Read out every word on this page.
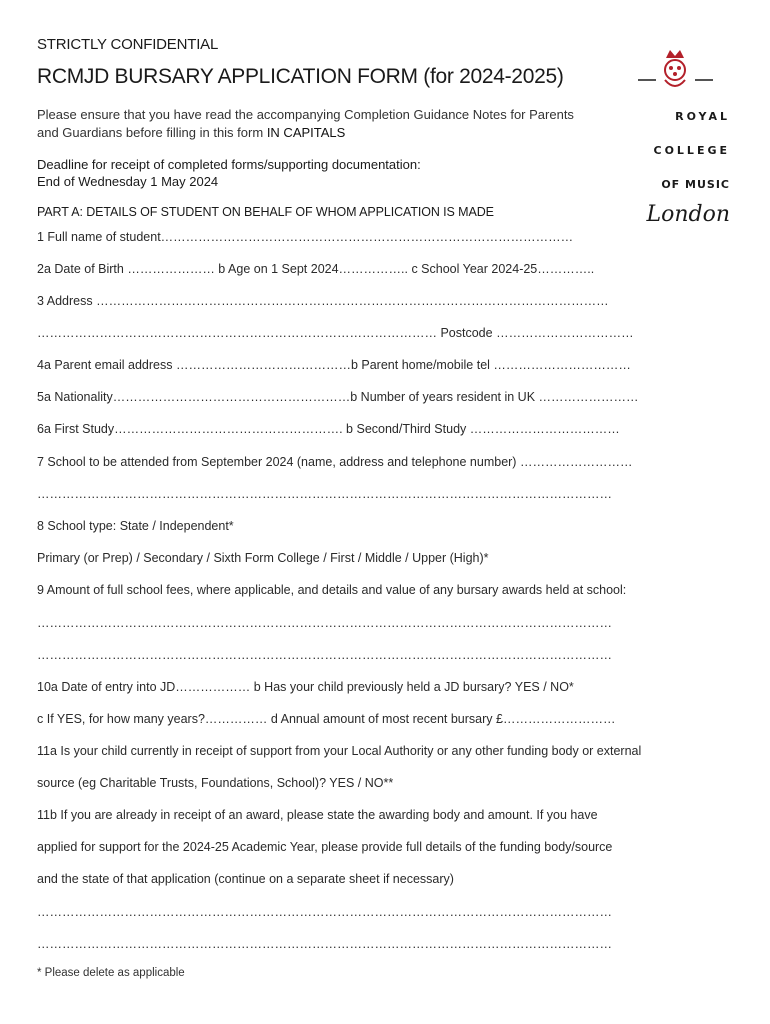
STRICTLY CONFIDENTIAL
RCMJD BURSARY APPLICATION FORM (for 2024-2025)
Please ensure that you have read the accompanying Completion Guidance Notes for Parents and Guardians before filling in this form IN CAPITALS
Deadline for receipt of completed forms/supporting documentation:
End of Wednesday 1 May 2024
ROYAL
COLLEGE
OF MUSIC
London
PART A: DETAILS OF STUDENT ON BEHALF OF WHOM APPLICATION IS MADE
1 Full name of student………………………………………………………………………………………
2a Date of Birth ………………… b Age on 1 Sept 2024…………….. c School Year 2024-25…………..
3 Address ……………………………………………………………………………………………………………
…………………………………………………………………………………… Postcode ……………………………
4a Parent email address ……………………………………b Parent home/mobile tel ……………………………
5a Nationality…………………………………………………b Number of years resident in UK ……………………
6a First Study………………………………………………. b Second/Third Study ………………………………
7 School to be attended from September 2024 (name, address and telephone number) ………………………
…………………………………………………………………………………………………………………………
8 School type: State / Independent*
Primary (or Prep) / Secondary / Sixth Form College / First / Middle / Upper (High)*
9 Amount of full school fees, where applicable, and details and value of any bursary awards held at school:
…………………………………………………………………………………………………………………………
…………………………………………………………………………………………………………………………
10a Date of entry into JD……………… b Has your child previously held a JD bursary? YES / NO*
c If YES, for how many years?…………… d Annual amount of most recent bursary £………………………
11a Is your child currently in receipt of support from your Local Authority or any other funding body or external
source (eg Charitable Trusts, Foundations, School)? YES / NO**
11b If you are already in receipt of an award, please state the awarding body and amount. If you have
applied for support for the 2024-25 Academic Year, please provide full details of the funding body/source
and the state of that application (continue on a separate sheet if necessary)
…………………………………………………………………………………………………………………………
…………………………………………………………………………………………………………………………
* Please delete as applicable
